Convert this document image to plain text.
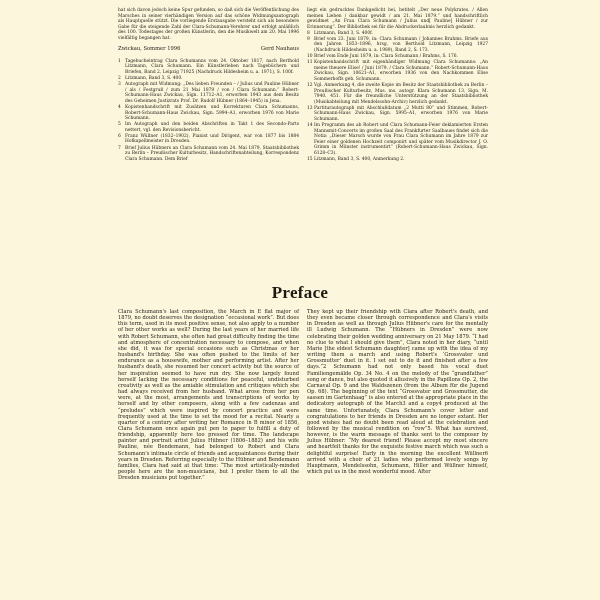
hat sich davon jedoch keine Spur gefunden, so daß sich die Veröffentlichung des Marsches in seiner vierhändigen Version auf das schöne Widmungsautograph als Hauptquelle stützt. Die vorliegende Erstausgabe versteht sich als besondere Gabe für die steigende Zahl der Clara-Schumann-Verehrer und erfolgt anläßlich des 100. Todestages der großen Künstlerin, den die Musikwelt am 20. Mai 1996 vielfältig begangen hat.

Zwickau, Sommer 1996	Gerd Nauhaus
1 Tagebucheintrag Clara Schumanns vom 24. Oktober 1817, nach Berthold Litzmann, Clara Schumann. Ein Künstlerleben nach Tagebüchern und Briefen, Band 2, Leipzig 71925 (Nachdruck Hildesheim u. a. 1971), S. 100f.
2 Litzmann, Band 3, S. 400.
3 Autograph mit Widmung: „Des lieben Freunden – / Julius und Pauline Hübner / als / Festgruß / zum 21 Mai 1879 / von / Clara Schumann.“ Robert-Schumann-Haus Zwickau, Sign. 11712–A1, erworben 1943 aus dem Besitz des Geheimen Justizrats Prof. Dr. Rudolf Hübner (1864–1945) in Jena.
4 Kopistenhandschrift mit Zusätzen und Korrekturen Clara Schumanns, Robert-Schumann-Haus Zwickau, Sign. 5994–A1, erworben 1976 von Marie Schumann.
5 Im Autograph und den beiden Abschriften in Takt 1 des Secondo-Parts nettert, vgl. den Revisionsbericht.
6 Franz Wüllner (1832–1902), Pianist und Dirigent, war von 1877 bis 1884 Hofkapellmeister in Dresden.
7 Brief Julius Hübners an Clara Schumann vom 24. Mai 1879, Staatsbibliothek zu Berlin – Preußischer Kulturbesitz, Handschriftenabteilung, Korrespondenz Clara Schumann. Dem Brief

liegt ein gedrucktes Dankgedicht bei, betitelt „Der neue Polykrates. / Allen meinen Lieben / dankbar gewidt / am 21. Mai 1879.“ und handschriftlich gewidmet „An Frau Clara Schumann / Julius und[ Pauline] Hübner / zur Erinnerung“. Der Bibliothek sei für die Abdruckerlaubnis herzlich gedankt.

8 Litzmann, Band 3, S. 400f.
9 Brief vom 23. Juni 1879, in: Clara Schumann / Johannes Brahms. Briefe aus den Jahren 1853–1896, hrsg. von Berthold Litzmann, Leipzig 1927 (Nachdruck Hildesheim u. a. 1989), Band 2, S. 173.
10 Brief vom Ende Juni 1879, in: Clara Schumann / Brahms, S. 176.
11 Kopistenhandschrift mit eigenhändiger Widmung Clara Schumanns: „An meine theuere Elise! / Juni 1879. / Clara Schumann.“ Robert-Schumann-Haus Zwickau, Sign. 10621–A1, erworben 1936 von den Nachkommen Elise Sommerhoffs geb. Schumann.
12 Vgl. Anmerkung 4, die zweite Kopie im Besitz der Staatsbibliothek zu Berlin – Preußischer Kulturbesitz, Mus. ms. autogr. Klara Schumann 13, Sign. M. 7940. 451. Für die freundliche Unterstützung an der Staatsbibliothek (Musikabteilung mit Mendelssohn-Archiv) herzlich gedankt.
13 Partiturautograph mit Abschlußdatum „2 Mutti 80“ und Stimmen, Robert-Schumann-Haus Zwickau, Sign. 5995–A1, erworben 1976 von Marie Schumann.
14 Im Programm des ab Robert und Clara Schumann-Feier deklamierten Ersten Mannsmit-Concerts im großen Saal des Frankfurter Saalbaues findet sich die Notiz: „Dieser Marsch wurde von Frau Clara Schumann im Jahre 1879 zur Feier einer goldenen Hochzeit componirt und später vom Musikdirector J. O. Grimm in Münster instrumentirt“ (Robert-Schumann-Haus Zwickau, Sign. 6128–C3).
15 Litzmann, Band 3, S. 400, Anmerkung 2.
Preface
Clara Schumann's last composition, the March in E flat major of 1879, no doubt deserves the designation “occasional work”. But does this term, used in its most positive sense, not also apply to a number of her other works as well? During the last years of her married life with Robert Schumann, she often had great difficulty finding the time and atmosphere of concentration necessary to compose, and when she did, it was for special occasions such as Christmas or her husband's birthday. She was often pushed to the limits of her endurance as a housewife, mother and performing artist. After her husband's death, she resumed her concert activity but the source of her inspiration seemed to have run dry. She now largely found herself lacking the necessary conditions for peaceful, undisturbed creativity as well as the amiable stimulation and critiques which she had always received from her husband. What arose from her pen were, at the most, arrangements and transcriptions of works by herself and by other composers, along with a few cadenzas and “preludes” which were inspired by concert practice and were frequently used at the time to set the mood for a recital. Nearly a quarter of a century after writing her Romance in B minor of 1856, Clara Schumann once again put pen to paper to fulfill a duty of friendship, apparently here too pressed for time. The landscape painter and portrait artist Julius Hübner (1806–1882) and his wife Pauline, née Bendemann, had belonged to Robert and Clara Schumann's intimate circle of friends and acquaintances during their years in Dresden. Referring especially to the Hübner and Bendemann families, Clara had said at that time: “The most artistically-minded people here are the non-musicians, but I prefer them to all the Dresden musicians put together.”
They kept up their friendship with Clara after Robert's death, and they even became closer through correspondence and Clara's visits in Dresden as well as through Julius Hübner's care for the mentally ill Ludwig Schumann. The “Hübners in Dresden” were now celebrating their golden wedding anniversary on 21 May 1879. “I had no clue to what I should give them”, Clara noted in her diary, “until Marie [the eldest Schumann daughter] came up with the idea of my writing them a march and using Robert's ‘Grossvater und Grossmutter’ duet in it. I set out to do it and finished after a few days.”2 Schumann had not only based his vocal duet Familiengemälde Op. 34 No. 4 on the melody of the “grandfather” song or dance, but also quoted it allusively in the Papillons Op. 2, the Carnaval Op. 9 and the Waldszenen (from the Album für die Jugend Op. 68). The beginning of the text “Grossvater und Grossmutter, die sassen im Gartenhaag” is also entered at the appropriate place in the dedicatory autograph of the March3 and a copy4 produced at the same time. Unfortunately, Clara Schumann's cover letter and congratulations to her friends in Dresden are no longer extant. Her good wishes had no doubt been read aloud at the celebration and followed by the musical rendition on “row”5. What has survived, however, is the warm message of thanks sent to the composer by Julius Hübner: “My dearest friend! Please accept my most sincere and heartfelt thanks for the exquisite festive march which was such a delightful surprise! Early in the morning the excellent Wüllner6 arrived with a choir of 21 ladies who performed lovely songs by Hauptmann, Mendelssohn, Schumann, Hiller and Wüllner himself, which put us in the most wonderful mood. After
